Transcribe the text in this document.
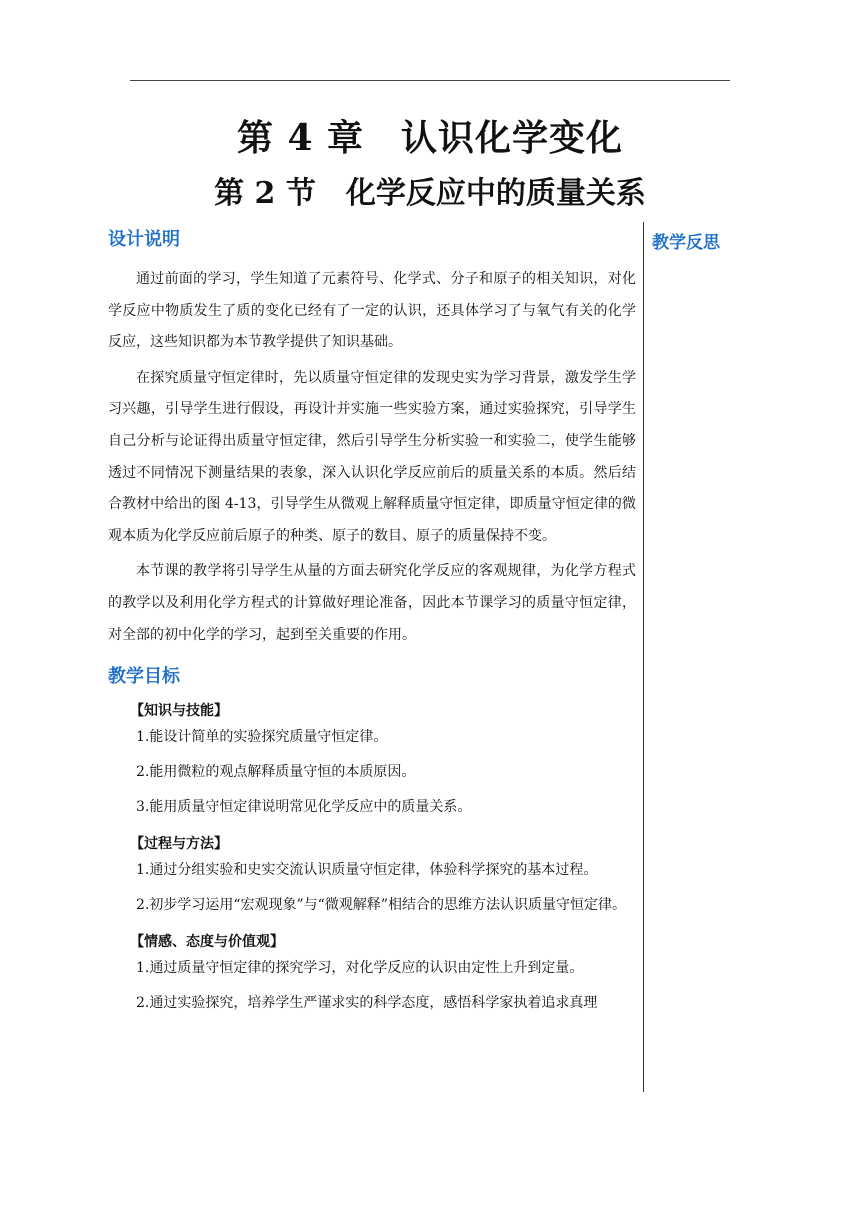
第 4 章　认识化学变化
第 2 节　化学反应中的质量关系
教学反思
设计说明

通过前面的学习，学生知道了元素符号、化学式、分子和原子的相关知识，对化学反应中物质发生了质的变化已经有了一定的认识，还具体学习了与氧气有关的化学反应，这些知识都为本节教学提供了知识基础。

在探究质量守恒定律时，先以质量守恒定律的发现史实为学习背景，激发学生学习兴趣，引导学生进行假设，再设计并实施一些实验方案，通过实验探究，引导学生自己分析与论证得出质量守恒定律，然后引导学生分析实验一和实验二，使学生能够透过不同情况下测量结果的表象，深入认识化学反应前后的质量关系的本质。然后结合教材中给出的图 4-13，引导学生从微观上解释质量守恒定律，即质量守恒定律的微观本质为化学反应前后原子的种类、原子的数目、原子的质量保持不变。

本节课的教学将引导学生从量的方面去研究化学反应的客观规律，为化学方程式的教学以及利用化学方程式的计算做好理论准备，因此本节课学习的质量守恒定律，对全部的初中化学的学习，起到至关重要的作用。

教学目标
【知识与技能】
1.能设计简单的实验探究质量守恒定律。
2.能用微粒的观点解释质量守恒的本质原因。
3.能用质量守恒定律说明常见化学反应中的质量关系。
【过程与方法】
1.通过分组实验和史实交流认识质量守恒定律，体验科学探究的基本过程。
2.初步学习运用“宏观现象”与“微观解释”相结合的思维方法认识质量守恒定律。
【情感、态度与价值观】
1.通过质量守恒定律的探究学习，对化学反应的认识由定性上升到定量。
2.通过实验探究，培养学生严谨求实的科学态度，感悟科学家执着追求真理
